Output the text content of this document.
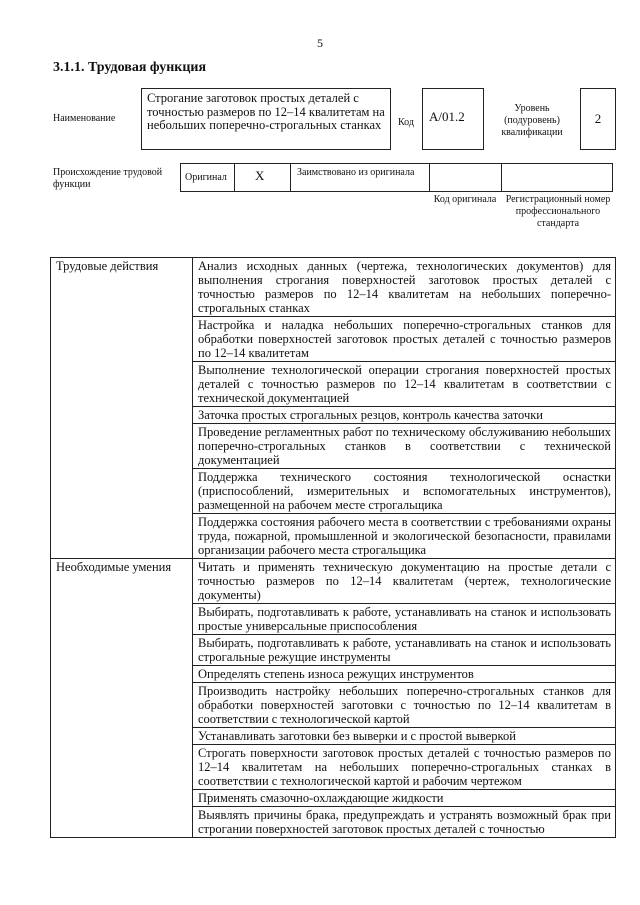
5
3.1.1. Трудовая функция
Наименование
Строгание заготовок простых деталей с точностью размеров по 12–14 квалитетам на небольших поперечно-строгальных станках	Код	А/01.2
Уровень (подуровень) квалификации
2
Происхождение трудовой функции
Оригинал	X	Заимствовано из оригинала
Код оригинала Регистрационный номер профессионального стандарта
Трудовые действия	Анализ исходных данных (чертежа, технологических документов) для выполнения строгания поверхностей заготовок простых деталей с точностью размеров по 12–14 квалитетам на небольших поперечно-строгальных станках
	Настройка и наладка небольших поперечно-строгальных станков для обработки поверхностей заготовок простых деталей с точностью размеров по 12–14 квалитетам
	Выполнение технологической операции строгания поверхностей простых деталей с точностью размеров по 12–14 квалитетам в соответствии с технической документацией
	Заточка простых строгальных резцов, контроль качества заточки
	Проведение регламентных работ по техническому обслуживанию небольших поперечно-строгальных станков в соответствии с технической документацией
	Поддержка технического состояния технологической оснастки (приспособлений, измерительных и вспомогательных инструментов), размещенной на рабочем месте строгальщика
	Поддержка состояния рабочего места в соответствии с требованиями охраны труда, пожарной, промышленной и экологической безопасности, правилами организации рабочего места строгальщика
Необходимые умения	Читать и применять техническую документацию на простые детали с точностью размеров по 12–14 квалитетам (чертеж, технологические документы)
	Выбирать, подготавливать к работе, устанавливать на станок и использовать простые универсальные приспособления
	Выбирать, подготавливать к работе, устанавливать на станок и использовать строгальные режущие инструменты
	Определять степень износа режущих инструментов
	Производить настройку небольших поперечно-строгальных станков для обработки поверхностей заготовки с точностью по 12–14 квалитетам в соответствии с технологической картой
	Устанавливать заготовки без выверки и с простой выверкой
	Строгать поверхности заготовок простых деталей с точностью размеров по 12–14 квалитетам на небольших поперечно-строгальных станках в соответствии с технологической картой и рабочим чертежом
	Применять смазочно-охлаждающие жидкости
	Выявлять причины брака, предупреждать и устранять возможный брак при строгании поверхностей заготовок простых деталей с точностью
